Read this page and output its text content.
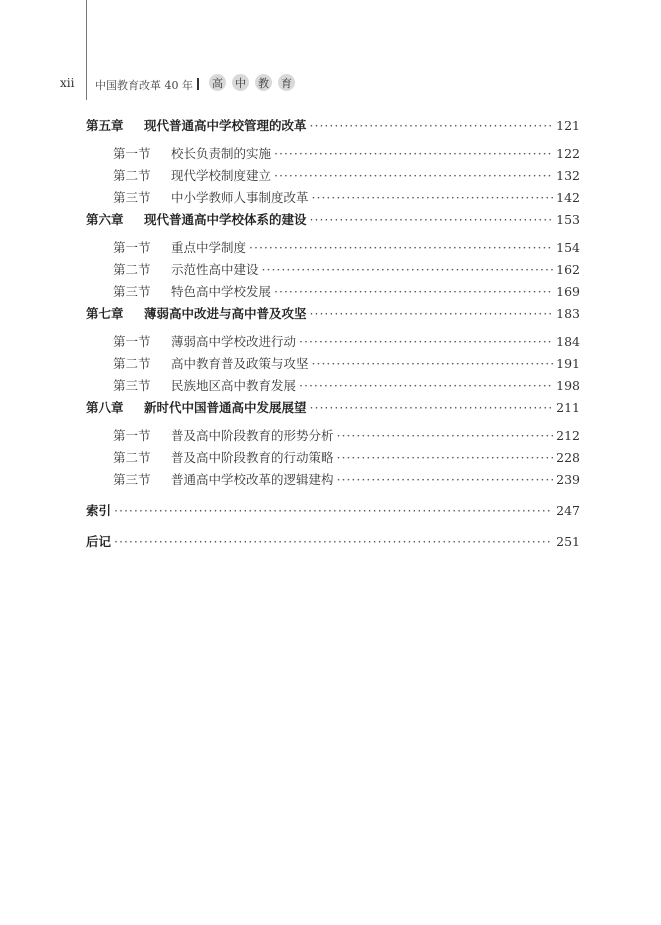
xii 中国教育改革 40 年 高 中 教 育
第五章	现代普通高中学校管理的改革 ·····	121
第一节	校长负责制的实施 ·····	122
第二节	现代学校制度建立 ·····	132
第三节	中小学教师人事制度改革 ·····	142
第六章	现代普通高中学校体系的建设 ·····	153
第一节	重点中学制度 ·····	154
第二节	示范性高中建设 ·····	162
第三节	特色高中学校发展 ·····	169
第七章	薄弱高中改进与高中普及攻坚 ·····	183
第一节	薄弱高中学校改进行动 ·····	184
第二节	高中教育普及政策与攻坚 ·····	191
第三节	民族地区高中教育发展 ·····	198
第八章	新时代中国普通高中发展展望 ·····	211
第一节	普及高中阶段教育的形势分析 ·····	212
第二节	普及高中阶段教育的行动策略 ·····	228
第三节	普通高中学校改革的逻辑建构 ·····	239
索引 ·····	247
后记 ·····	251
